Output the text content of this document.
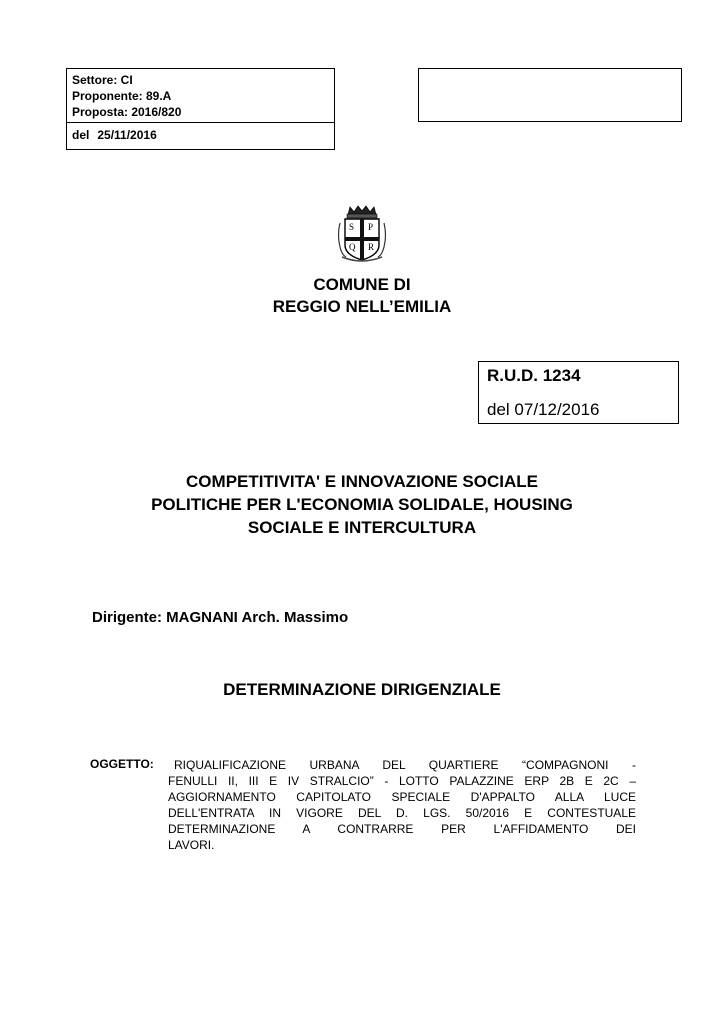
Settore: CI
Proponente: 89.A
Proposta: 2016/820
del 25/11/2016
S P
Q R
COMUNE DI
REGGIO NELL’EMILIA
R.U.D. 1234
del 07/12/2016
COMPETITIVITA' E INNOVAZIONE SOCIALE
POLITICHE PER L'ECONOMIA SOLIDALE, HOUSING
SOCIALE E INTERCULTURA
Dirigente: MAGNANI Arch. Massimo
DETERMINAZIONE DIRIGENZIALE
OGGETTO: RIQUALIFICAZIONE URBANA DEL QUARTIERE “COMPAGNONI -
FENULLI II, III E IV STRALCIO” - LOTTO PALAZZINE ERP 2B E 2C –
AGGIORNAMENTO CAPITOLATO SPECIALE D'APPALTO ALLA LUCE
DELL'ENTRATA IN VIGORE DEL D. LGS. 50/2016 E CONTESTUALE
DETERMINAZIONE A CONTRARRE PER L'AFFIDAMENTO DEI
LAVORI.
